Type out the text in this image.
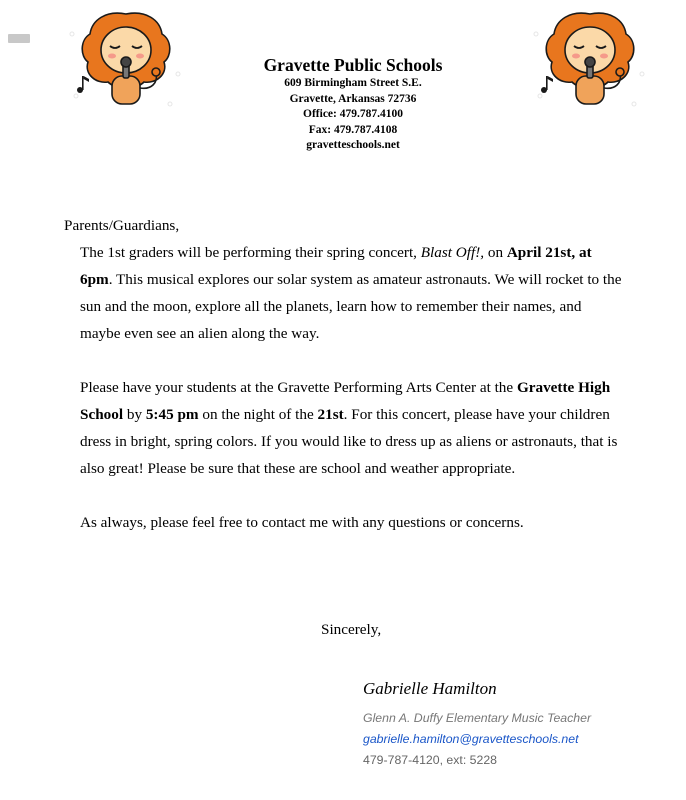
Gravette Public Schools
609 Birmingham Street S.E.
Gravette, Arkansas 72736
Office: 479.787.4100
Fax: 479.787.4108
gravetteschools.net

Parents/Guardians,

The 1st graders will be performing their spring concert, Blast Off!, on April 21st, at 6pm. This musical explores our solar system as amateur astronauts. We will rocket to the sun and the moon, explore all the planets, learn how to remember their names, and maybe even see an alien along the way.

Please have your students at the Gravette Performing Arts Center at the Gravette High School by 5:45 pm on the night of the 21st. For this concert, please have your children dress in bright, spring colors. If you would like to dress up as aliens or astronauts, that is also great! Please be sure that these are school and weather appropriate.

As always, please feel free to contact me with any questions or concerns.

Sincerely,
Gabrielle Hamilton
Glenn A. Duffy Elementary Music Teacher
gabrielle.hamilton@gravetteschools.net
479-787-4120, ext: 5228
